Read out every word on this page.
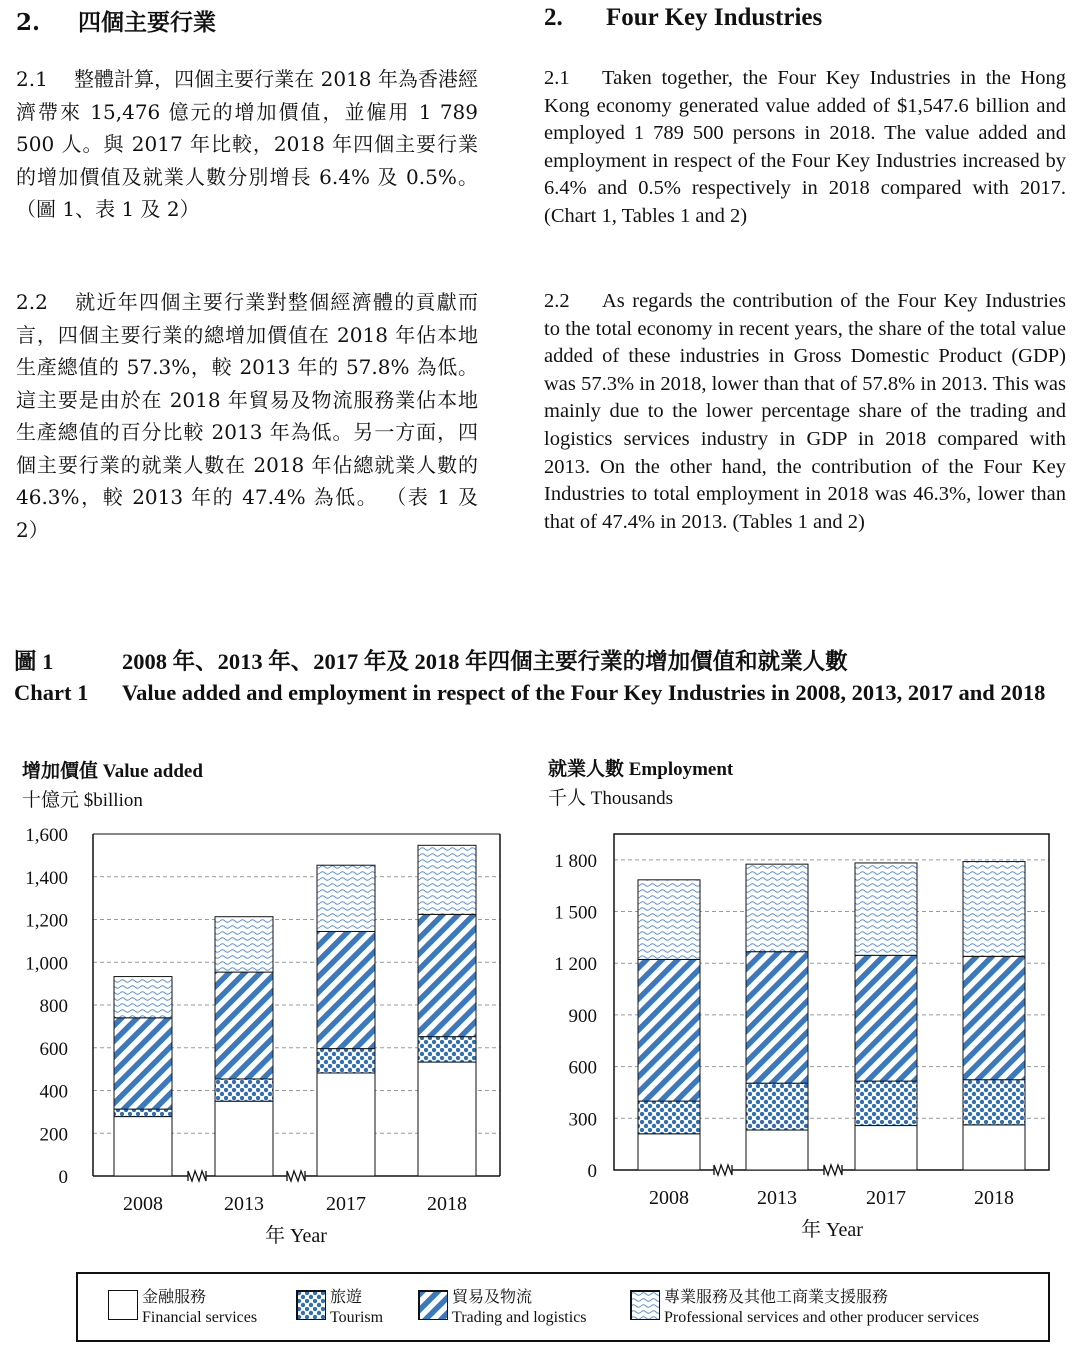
2. 四個主要行業	2. Four Key Industries
2.1 整體計算，四個主要行業在 2018 年為香港經濟帶來 15,476 億元的增加價值，並僱用 1 789 500 人。與 2017 年比較，2018 年四個主要行業的增加價值及就業人數分別增長 6.4% 及 0.5%。 （圖 1、表 1 及 2）
2.1 Taken together, the Four Key Industries in the Hong Kong economy generated value added of $1,547.6 billion and employed 1 789 500 persons in 2018. The value added and employment in respect of the Four Key Industries increased by 6.4% and 0.5% respectively in 2018 compared with 2017. (Chart 1, Tables 1 and 2)
2.2 就近年四個主要行業對整個經濟體的貢獻而言，四個主要行業的總增加價值在 2018 年佔本地生產總值的 57.3%，較 2013 年的 57.8% 為低。這主要是由於在 2018 年貿易及物流服務業佔本地生產總值的百分比較 2013 年為低。另一方面，四個主要行業的就業人數在 2018 年佔總就業人數的 46.3%，較 2013 年的 47.4% 為低。 （表 1 及 2）
2.2 As regards the contribution of the Four Key Industries to the total economy in recent years, the share of the total value added of these industries in Gross Domestic Product (GDP) was 57.3% in 2018, lower than that of 57.8% in 2013. This was mainly due to the lower percentage share of the trading and logistics services industry in GDP in 2018 compared with 2013. On the other hand, the contribution of the Four Key Industries to total employment in 2018 was 46.3%, lower than that of 47.4% in 2013. (Tables 1 and 2)
圖 1	2008 年、2013 年、2017 年及 2018 年四個主要行業的增加價值和就業人數
Chart 1 Value added and employment in respect of the Four Key Industries in 2008, 2013, 2017 and 2018
增加價值 Value added
十億元 $billion
就業人數 Employment
千人 Thousands
0
200
400
600
800
1,000
1,200
1,400
1,600
2008	2013	2017	2018
年 Year
0
300
600
900
1 200
1 500
1 800
2008	2013	2017	2018
年 Year
金融服務
Financial services
旅遊
Tourism
貿易及物流
Trading and logistics
專業服務及其他工商業支援服務
Professional services and other producer services
